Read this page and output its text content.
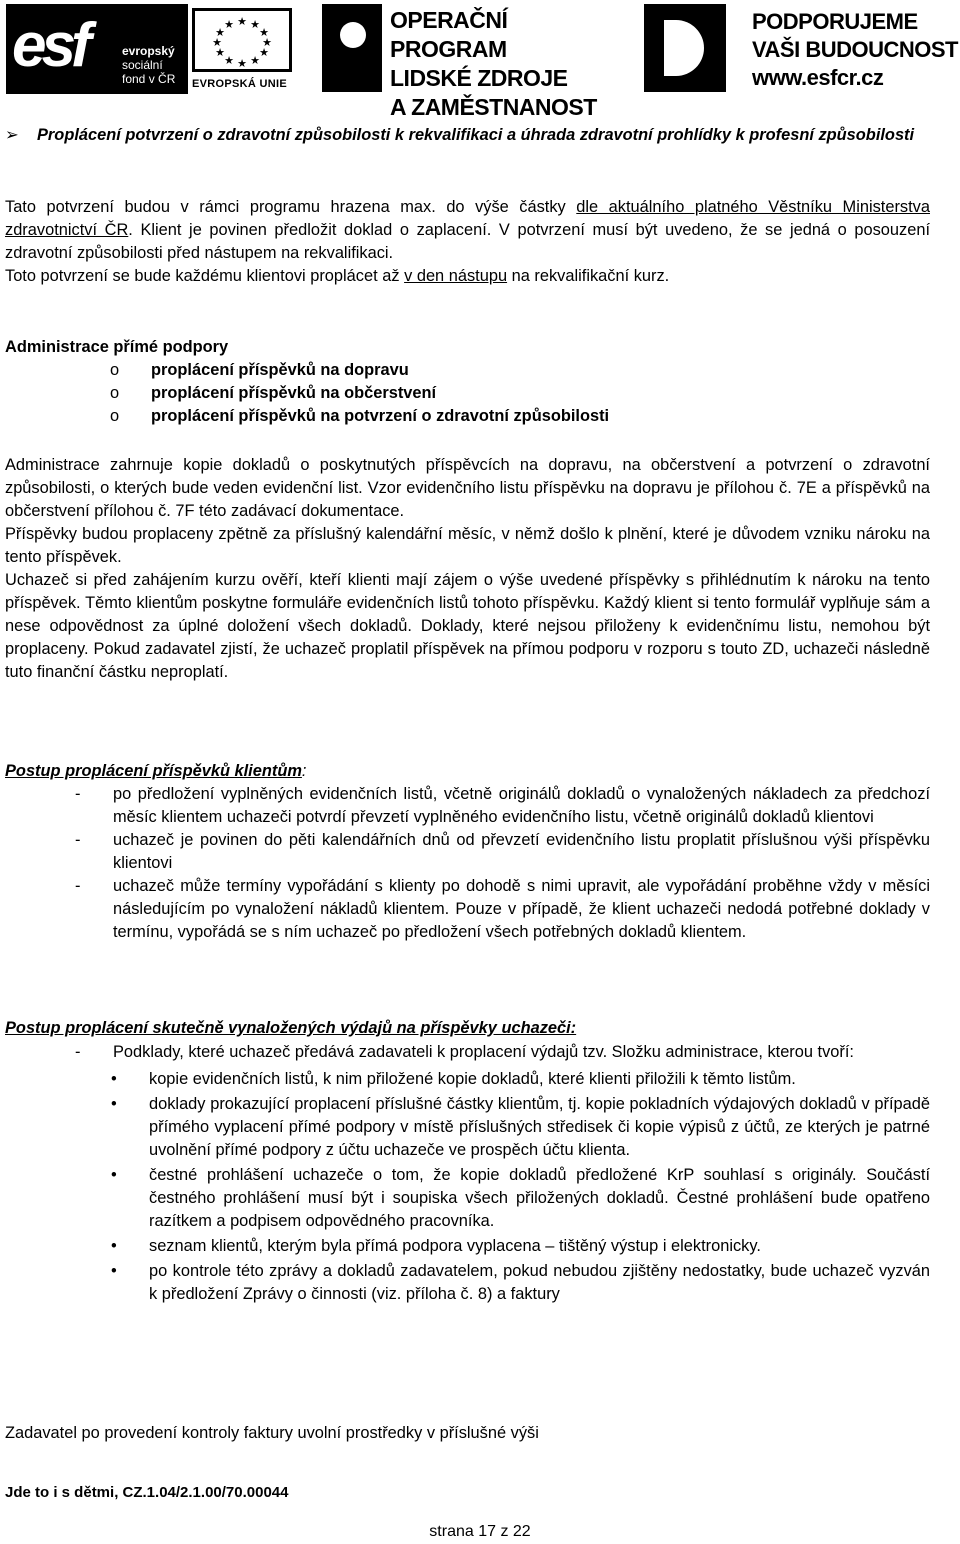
esf	evropský
sociální
fond v ČR
★ ★
★
★
★
★
★
★
★
★
★
★
EVROPSKÁ UNIE
OPERAČNÍ PROGRAM
LIDSKÉ ZDROJE
A ZAMĚSTNANOST
PODPORUJEME
VAŠI BUDOUCNOST
www.esfcr.cz

➢ Proplácení potvrzení o zdravotní způsobilosti k rekvalifikaci a úhrada zdravotní prohlídky k profesní způsobilosti

Tato potvrzení budou v rámci programu hrazena max. do výše částky dle aktuálního platného Věstníku Ministerstva zdravotnictví ČR. Klient je povinen předložit doklad o zaplacení. V potvrzení musí být uvedeno, že se jedná o posouzení zdravotní způsobilosti před nástupem na rekvalifikaci.

Toto potvrzení se bude každému klientovi proplácet až v den nástupu na rekvalifikační kurz.

Administrace přímé podpory

o proplácení příspěvků na dopravu
o proplácení příspěvků na občerstvení
o proplácení příspěvků na potvrzení o zdravotní způsobilosti

Administrace zahrnuje kopie dokladů o poskytnutých příspěvcích na dopravu, na občerstvení a potvrzení o zdravotní způsobilosti, o kterých bude veden evidenční list. Vzor evidenčního listu příspěvku na dopravu je přílohou č. 7E a příspěvků na občerstvení přílohou č. 7F této zadávací dokumentace.

Příspěvky budou proplaceny zpětně za příslušný kalendářní měsíc, v němž došlo k plnění, které je důvodem vzniku nároku na tento příspěvek.

Uchazeč si před zahájením kurzu ověří, kteří klienti mají zájem o výše uvedené příspěvky s přihlédnutím k nároku na tento příspěvek. Těmto klientům poskytne formuláře evidenčních listů tohoto příspěvku. Každý klient si tento formulář vyplňuje sám a nese odpovědnost za úplné doložení všech dokladů. Doklady, které nejsou přiloženy k evidenčnímu listu, nemohou být proplaceny. Pokud zadavatel zjistí, že uchazeč proplatil příspěvek na přímou podporu v rozporu s touto ZD, uchazeči následně tuto finanční částku neproplatí.

Postup proplácení příspěvků klientům:

- po předložení vyplněných evidenčních listů, včetně originálů dokladů o vynaložených nákladech za předchozí měsíc klientem uchazeči potvrdí převzetí vyplněného evidenčního listu, včetně originálů dokladů klientovi
- uchazeč je povinen do pěti kalendářních dnů od převzetí evidenčního listu proplatit příslušnou výši příspěvku klientovi
- uchazeč může termíny vypořádání s klienty po dohodě s nimi upravit, ale vypořádání proběhne vždy v měsíci následujícím po vynaložení nákladů klientem. Pouze v případě, že klient uchazeči nedodá potřebné doklady v termínu, vypořádá se s ním uchazeč po předložení všech potřebných dokladů klientem.

Postup proplácení skutečně vynaložených výdajů na příspěvky uchazeči:

- Podklady, které uchazeč předává zadavateli k proplacení výdajů tzv. Složku administrace, kterou tvoří:
• kopie evidenčních listů, k nim přiložené kopie dokladů, které klienti přiložili k těmto listům.
• doklady prokazující proplacení příslušné částky klientům, tj. kopie pokladních výdajových dokladů v případě přímého vyplacení přímé podpory v místě příslušných středisek či kopie výpisů z účtů, ze kterých je patrné uvolnění přímé podpory z účtu uchazeče ve prospěch účtu klienta.
• čestné prohlášení uchazeče o tom, že kopie dokladů předložené KrP souhlasí s originály. Součástí čestného prohlášení musí být i soupiska všech přiložených dokladů. Čestné prohlášení bude opatřeno razítkem a podpisem odpovědného pracovníka.
• seznam klientů, kterým byla přímá podpora vyplacena – tištěný výstup i elektronicky.
• po kontrole této zprávy a dokladů zadavatelem, pokud nebudou zjištěny nedostatky, bude uchazeč vyzván k předložení Zprávy o činnosti (viz. příloha č. 8) a faktury

Zadavatel po provedení kontroly faktury uvolní prostředky v příslušné výši

Jde to i s dětmi, CZ.1.04/2.1.00/70.00044
strana 17 z 22
